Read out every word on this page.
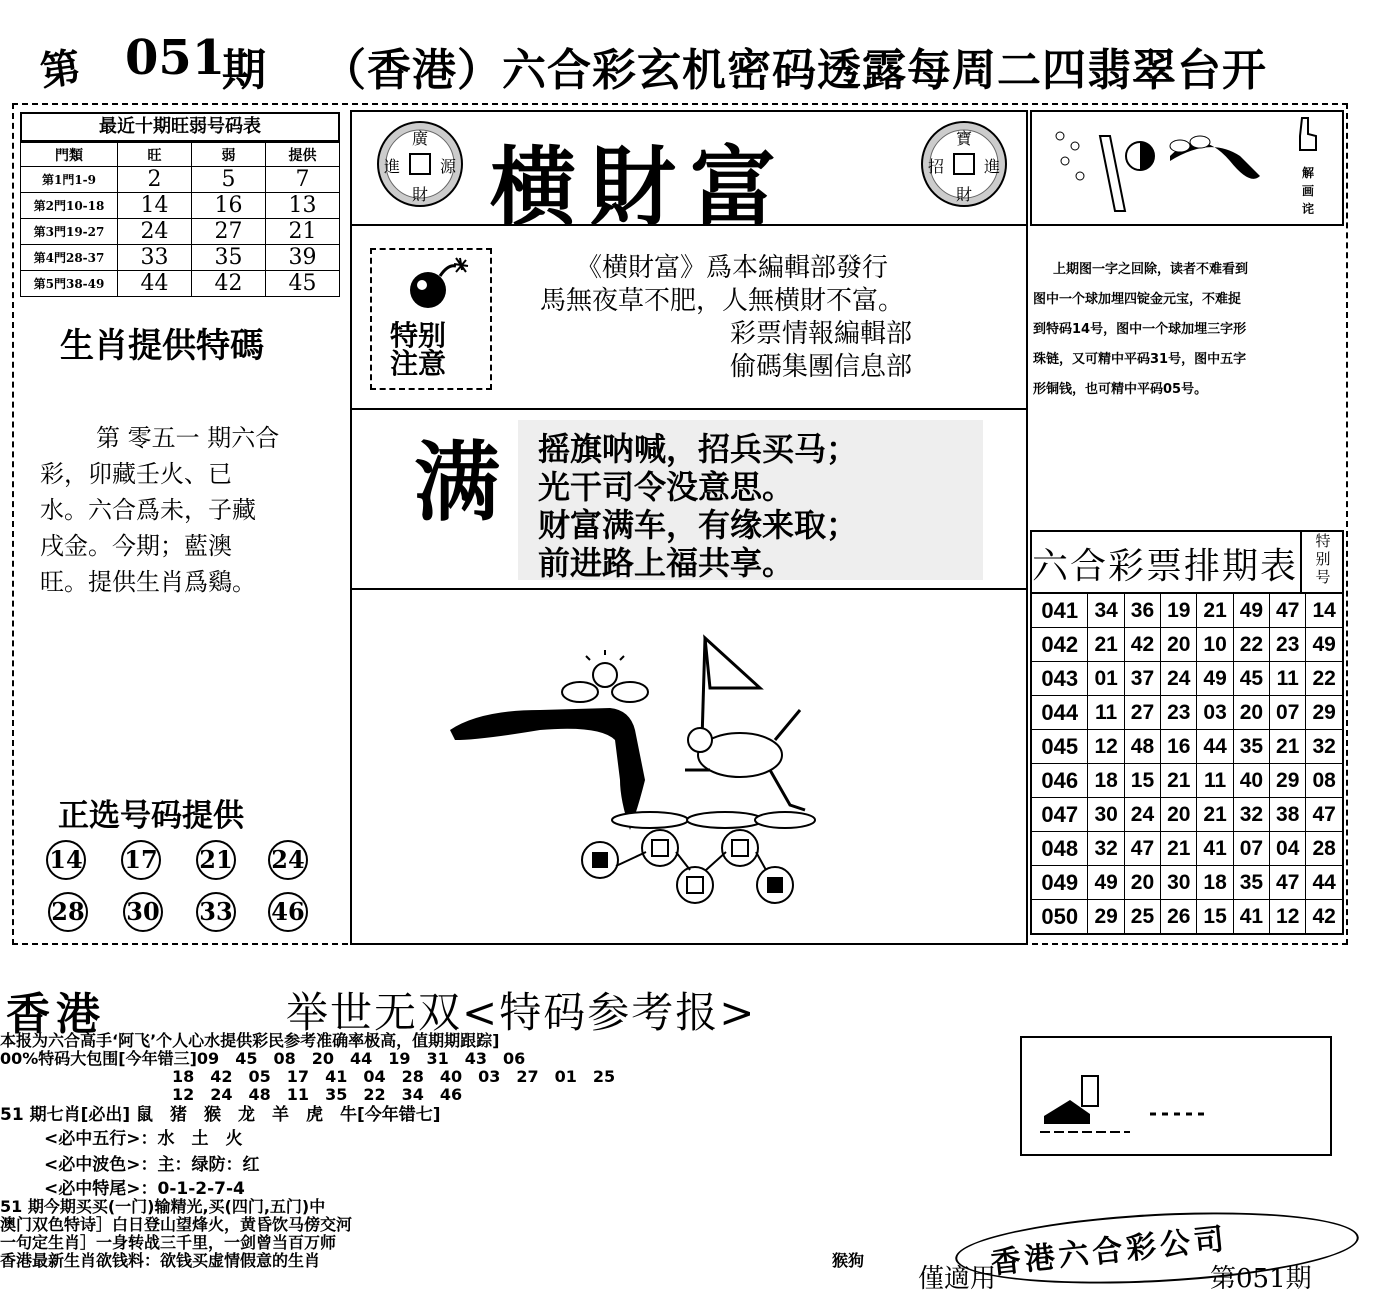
第 051
期 （香港）六合彩玄机密码透露每周二四翡翠台开
最近十期旺弱号码表
門類	旺	弱	提供
第1門1-9	2	5	7
第2門10-18	14	16	13
第3門19-27	24	27	21
第4門28-37	33	35	39
第5門38-49	44	42	45
生肖提供特碼
第 零五一 期六合
彩，卯藏壬火、已
水。六合爲未，子藏
戌金。今期；藍澳
旺。提供生肖爲鷄。
正选号码提供
14 17 21 24
28 30 33 46
廣
進 源
財 横財富	寶
招 進
財
特别
注意
《横財富》爲本編輯部發行
馬無夜草不肥，人無横財不富。
彩票情報編輯部
偷碼集團信息部
满 摇旗呐喊，招兵买马；
光干司令没意思。
财富满车，有缘来取；
前进路上福共享。
解
画
诧
上期图一字之回除，读者不难看到
图中一个球加埋四锭金元宝，不难捉
到特码14号，图中一个球加埋三字形
珠链，又可精中平码31号，图中五字
形铜钱，也可精中平码05号。
六合彩票排期表
特
别
号
041	34	36	19	21	49	47	14
042	21	42	20	10	22	23	49
043	01	37	24	49	45	11	22
044	11	27	23	03	20	07	29
045	12	48	16	44	35	21	32
046	18	15	21	11	40	29	08
047	30	24	20	21	32	38	47
048	32	47	21	41	07	04	28
049	49	20	30	18	35	47	44
050	29	25	26	15	41	12	42
香港	举世无双<特码参考报>
本报为六合高手‘阿飞’个人心水提供彩民参考准确率极高，值期期跟踪]
00%特码大包围[今年错三]09　45　08　20　44　19　31　43　06
18　42　05　17　41　04　28　40　03　27　01　25
12　24　48　11　35　22　34　46
51 期七肖[必出] 鼠　猪　猴　龙　羊　虎　牛[今年错七]
<必中五行>：水　土　火
<必中波色>：主：绿防：红
<必中特尾>：0-1-2-7-4
51 期今期买买(一门)输精光,买(四门,五门)中
澳门双色特诗］白日登山望烽火，黄昏饮马傍交河
一句定生肖］一身转战三千里，一剑曾当百万师
香港最新生肖欲钱料：欲钱买虚情假意的生肖	猴狗	香港六合彩公司
僅適用	第051期
